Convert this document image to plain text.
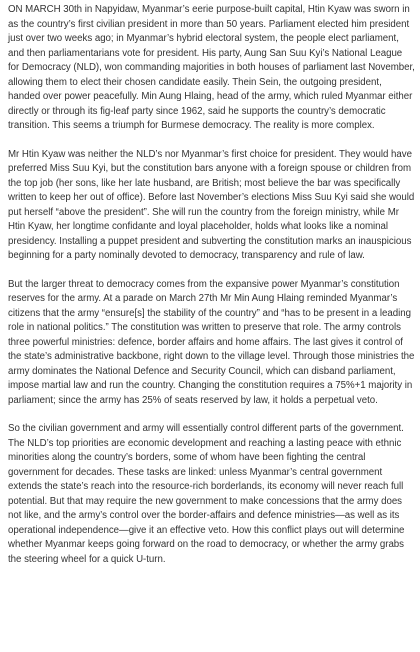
ON MARCH 30th in Napyidaw, Myanmar’s eerie purpose-built capital, Htin Kyaw was sworn in as the country’s first civilian president in more than 50 years. Parliament elected him president just over two weeks ago; in Myanmar’s hybrid electoral system, the people elect parliament, and then parliamentarians vote for president. His party, Aung San Suu Kyi’s National League for Democracy (NLD), won commanding majorities in both houses of parliament last November, allowing them to elect their chosen candidate easily. Thein Sein, the outgoing president, handed over power peacefully. Min Aung Hlaing, head of the army, which ruled Myanmar either directly or through its fig-leaf party since 1962, said he supports the country’s democratic transition. This seems a triumph for Burmese democracy. The reality is more complex.

Mr Htin Kyaw was neither the NLD’s nor Myanmar’s first choice for president. They would have preferred Miss Suu Kyi, but the constitution bars anyone with a foreign spouse or children from the top job (her sons, like her late husband, are British; most believe the bar was specifically written to keep her out of office). Before last November’s elections Miss Suu Kyi said she would put herself “above the president”. She will run the country from the foreign ministry, while Mr Htin Kyaw, her longtime confidante and loyal placeholder, holds what looks like a nominal presidency. Installing a puppet president and subverting the constitution marks an inauspicious beginning for a party nominally devoted to democracy, transparency and rule of law.

But the larger threat to democracy comes from the expansive power Myanmar’s constitution reserves for the army. At a parade on March 27th Mr Min Aung Hlaing reminded Myanmar’s citizens that the army “ensure[s] the stability of the country” and “has to be present in a leading role in national politics.” The constitution was written to preserve that role. The army controls three powerful ministries: defence, border affairs and home affairs. The last gives it control of the state’s administrative backbone, right down to the village level. Through those ministries the army dominates the National Defence and Security Council, which can disband parliament, impose martial law and run the country. Changing the constitution requires a 75%+1 majority in parliament; since the army has 25% of seats reserved by law, it holds a perpetual veto.

So the civilian government and army will essentially control different parts of the government. The NLD’s top priorities are economic development and reaching a lasting peace with ethnic minorities along the country’s borders, some of whom have been fighting the central government for decades. These tasks are linked: unless Myanmar’s central government extends the state’s reach into the resource-rich borderlands, its economy will never reach full potential. But that may require the new government to make concessions that the army does not like, and the army’s control over the border-affairs and defence ministries—as well as its operational independence—give it an effective veto. How this conflict plays out will determine whether Myanmar keeps going forward on the road to democracy, or whether the army grabs the steering wheel for a quick U-turn.
